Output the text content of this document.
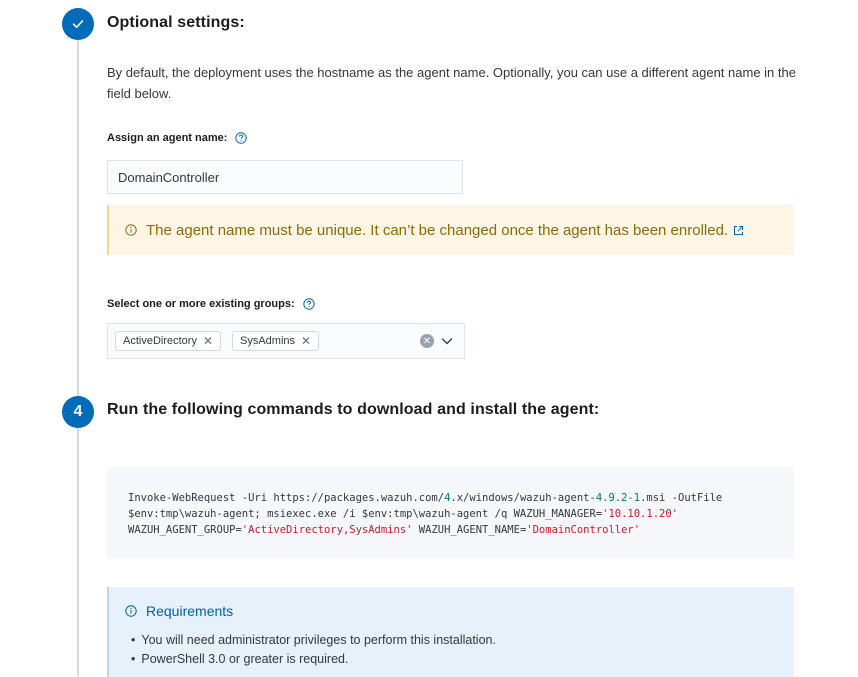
Optional settings:
By default, the deployment uses the hostname as the agent name. Optionally, you can use a different agent name in the field below.
Assign an agent name:
DomainController
The agent name must be unique. It can’t be changed once the agent has been enrolled.
Select one or more existing groups:
ActiveDirectory ✕ SysAdmins ✕	✕
4	Run the following commands to download and install the agent:
Invoke-WebRequest -Uri https://packages.wazuh.com/4.x/windows/wazuh-agent-4.9.2-1.msi -OutFile
$env:tmp\wazuh-agent; msiexec.exe /i $env:tmp\wazuh-agent /q WAZUH_MANAGER='10.10.1.20'
WAZUH_AGENT_GROUP='ActiveDirectory,SysAdmins' WAZUH_AGENT_NAME='DomainController'
Requirements
• You will need administrator privileges to perform this installation.
• PowerShell 3.0 or greater is required.
